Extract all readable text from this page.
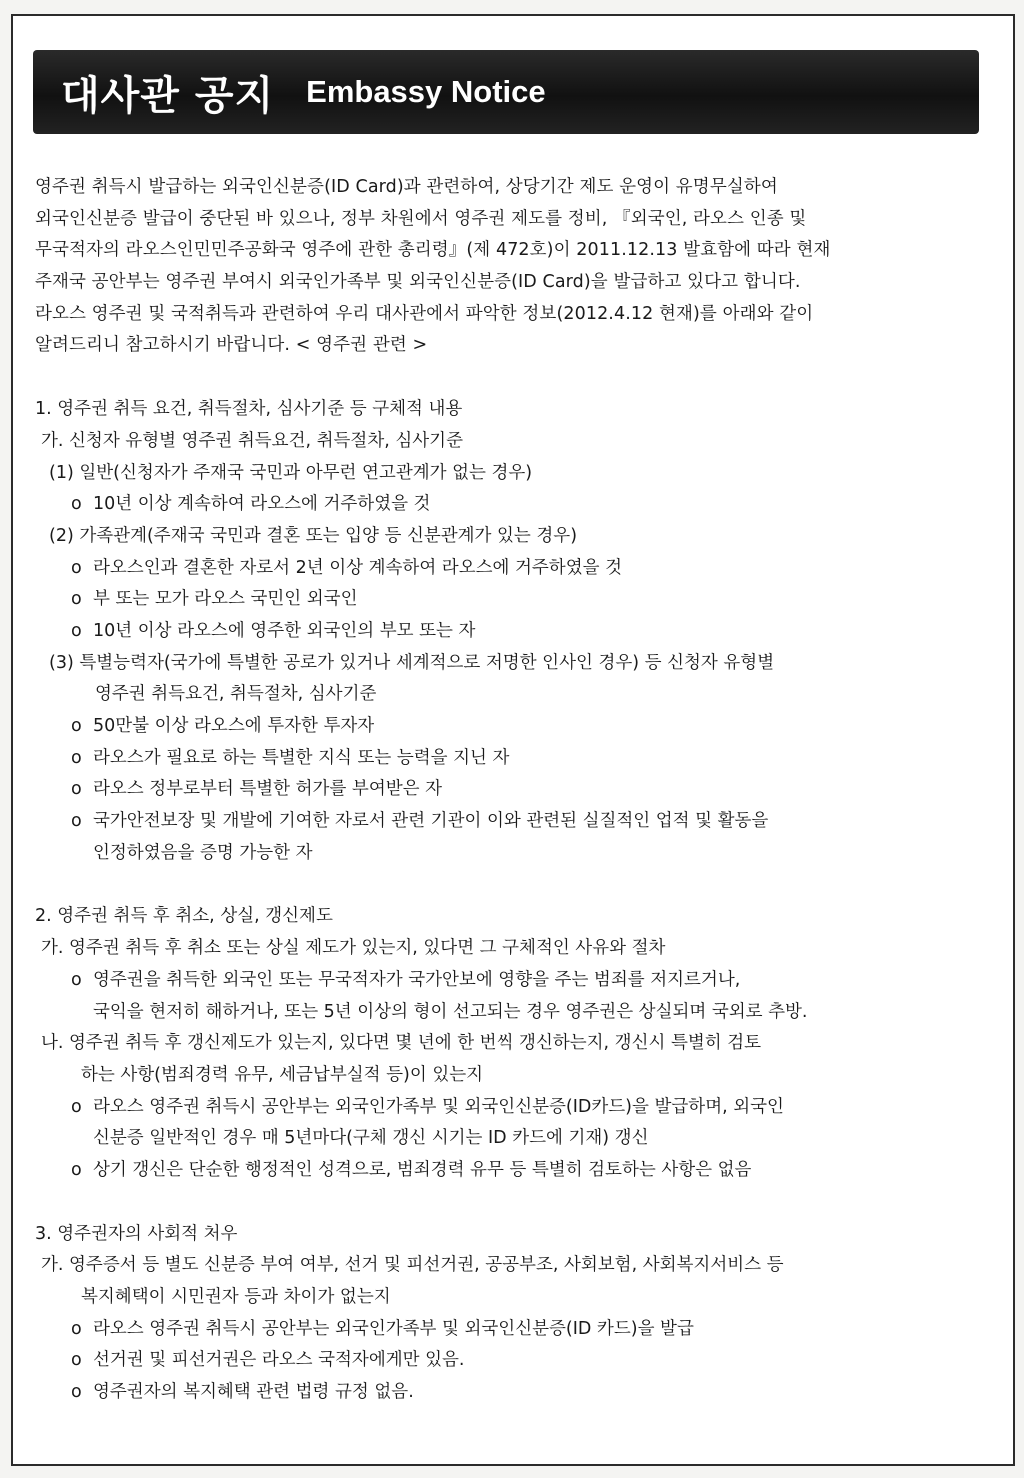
대사관 공지 Embassy Notice
영주권 취득시 발급하는 외국인신분증(ID Card)과 관련하여, 상당기간 제도 운영이 유명무실하여
외국인신분증 발급이 중단된 바 있으나, 정부 차원에서 영주권 제도를 정비, 『외국인, 라오스 인종 및
무국적자의 라오스인민민주공화국 영주에 관한 총리령』(제 472호)이 2011.12.13 발효함에 따라 현재
주재국 공안부는 영주권 부여시 외국인가족부 및 외국인신분증(ID Card)을 발급하고 있다고 합니다.
라오스 영주권 및 국적취득과 관련하여 우리 대사관에서 파악한 정보(2012.4.12 현재)를 아래와 같이
알려드리니 참고하시기 바랍니다. < 영주권 관련 >
1. 영주권 취득 요건, 취득절차, 심사기준 등 구체적 내용
가. 신청자 유형별 영주권 취득요건, 취득절차, 심사기준
(1) 일반(신청자가 주재국 국민과 아무런 연고관계가 없는 경우)
o 10년 이상 계속하여 라오스에 거주하였을 것
(2) 가족관계(주재국 국민과 결혼 또는 입양 등 신분관계가 있는 경우)
o 라오스인과 결혼한 자로서 2년 이상 계속하여 라오스에 거주하였을 것
o 부 또는 모가 라오스 국민인 외국인
o 10년 이상 라오스에 영주한 외국인의 부모 또는 자
(3) 특별능력자(국가에 특별한 공로가 있거나 세계적으로 저명한 인사인 경우) 등 신청자 유형별
영주권 취득요건, 취득절차, 심사기준
o 50만불 이상 라오스에 투자한 투자자
o 라오스가 필요로 하는 특별한 지식 또는 능력을 지닌 자
o 라오스 정부로부터 특별한 허가를 부여받은 자
o 국가안전보장 및 개발에 기여한 자로서 관련 기관이 이와 관련된 실질적인 업적 및 활동을
인정하였음을 증명 가능한 자
2. 영주권 취득 후 취소, 상실, 갱신제도
가. 영주권 취득 후 취소 또는 상실 제도가 있는지, 있다면 그 구체적인 사유와 절차
o 영주권을 취득한 외국인 또는 무국적자가 국가안보에 영향을 주는 범죄를 저지르거나,
국익을 현저히 해하거나, 또는 5년 이상의 형이 선고되는 경우 영주권은 상실되며 국외로 추방.
나. 영주권 취득 후 갱신제도가 있는지, 있다면 몇 년에 한 번씩 갱신하는지, 갱신시 특별히 검토
하는 사항(범죄경력 유무, 세금납부실적 등)이 있는지
o 라오스 영주권 취득시 공안부는 외국인가족부 및 외국인신분증(ID카드)을 발급하며, 외국인
신분증 일반적인 경우 매 5년마다(구체 갱신 시기는 ID 카드에 기재) 갱신
o 상기 갱신은 단순한 행정적인 성격으로, 범죄경력 유무 등 특별히 검토하는 사항은 없음
3. 영주권자의 사회적 처우
가. 영주증서 등 별도 신분증 부여 여부, 선거 및 피선거권, 공공부조, 사회보험, 사회복지서비스 등
복지혜택이 시민권자 등과 차이가 없는지
o 라오스 영주권 취득시 공안부는 외국인가족부 및 외국인신분증(ID 카드)을 발급
o 선거권 및 피선거권은 라오스 국적자에게만 있음.
o 영주권자의 복지혜택 관련 법령 규정 없음.
